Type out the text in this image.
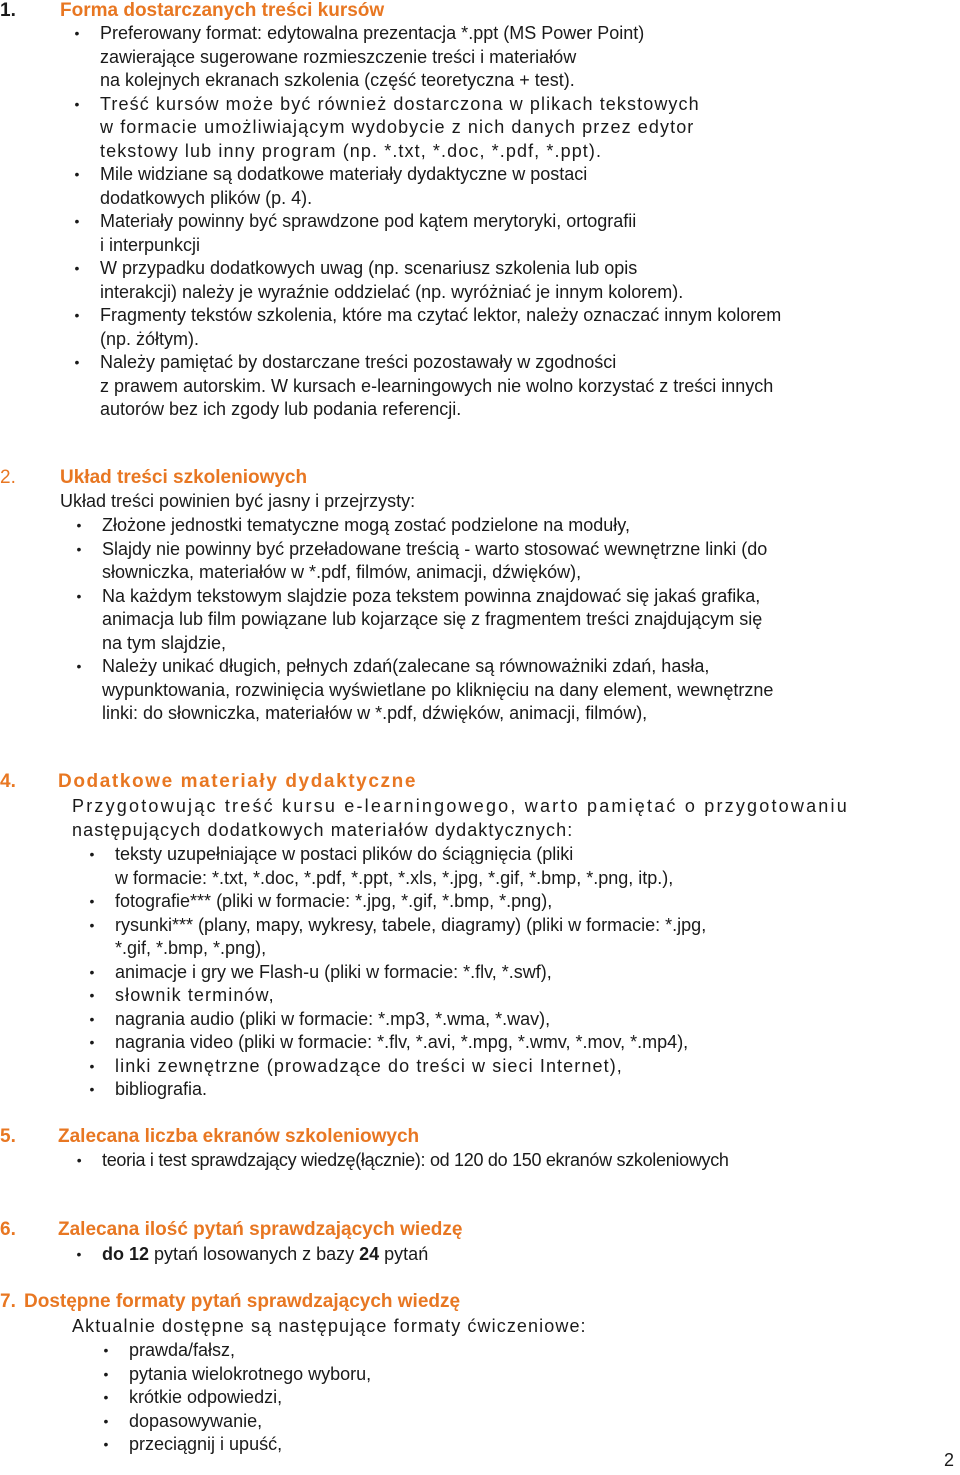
1. Forma dostarczanych treści kursów
• Preferowany format: edytowalna prezentacja *.ppt (MS Power Point)
zawierające sugerowane rozmieszczenie treści i materiałów
na kolejnych ekranach szkolenia (część teoretyczna + test).
• Treść kursów może być również dostarczona w plikach tekstowych
w formacie umożliwiającym wydobycie z nich danych przez edytor
tekstowy lub inny program (np. *.txt, *.doc, *.pdf, *.ppt).
• Mile widziane są dodatkowe materiały dydaktyczne w postaci
dodatkowych plików (p. 4).
• Materiały powinny być sprawdzone pod kątem merytoryki, ortografii
i interpunkcji
• W przypadku dodatkowych uwag (np. scenariusz szkolenia lub opis
interakcji) należy je wyraźnie oddzielać (np. wyróżniać je innym kolorem).
• Fragmenty tekstów szkolenia, które ma czytać lektor, należy oznaczać innym kolorem
(np. żółtym).
• Należy pamiętać by dostarczane treści pozostawały w zgodności
z prawem autorskim. W kursach e-learningowych nie wolno korzystać z treści innych
autorów bez ich zgody lub podania referencji.
2. Układ treści szkoleniowych
Układ treści powinien być jasny i przejrzysty:
• Złożone jednostki tematyczne mogą zostać podzielone na moduły,
• Slajdy nie powinny być przeładowane treścią - warto stosować wewnętrzne linki (do
słowniczka, materiałów w *.pdf, filmów, animacji, dźwięków),
• Na każdym tekstowym slajdzie poza tekstem powinna znajdować się jakaś grafika,
animacja lub film powiązane lub kojarzące się z fragmentem treści znajdującym się
na tym slajdzie,
• Należy unikać długich, pełnych zdań(zalecane są równoważniki zdań, hasła,
wypunktowania, rozwinięcia wyświetlane po kliknięciu na dany element, wewnętrzne
linki: do słowniczka, materiałów w *.pdf, dźwięków, animacji, filmów),
4. Dodatkowe materiały dydaktyczne
Przygotowując treść kursu e-learningowego, warto pamiętać o przygotowaniu
następujących dodatkowych materiałów dydaktycznych:
• teksty uzupełniające w postaci plików do ściągnięcia (pliki
w formacie: *.txt, *.doc, *.pdf, *.ppt, *.xls, *.jpg, *.gif, *.bmp, *.png, itp.),
• fotografie*** (pliki w formacie: *.jpg, *.gif, *.bmp, *.png),
• rysunki*** (plany, mapy, wykresy, tabele, diagramy) (pliki w formacie: *.jpg,
*.gif, *.bmp, *.png),
• animacje i gry we Flash-u (pliki w formacie: *.flv, *.swf),
• słownik terminów,
• nagrania audio (pliki w formacie: *.mp3, *.wma, *.wav),
• nagrania video (pliki w formacie: *.flv, *.avi, *.mpg, *.wmv, *.mov, *.mp4),
• linki zewnętrzne (prowadzące do treści w sieci Internet),
• bibliografia.
5. Zalecana liczba ekranów szkoleniowych
• teoria i test sprawdzający wiedzę(łącznie): od 120 do 150 ekranów szkoleniowych
6. Zalecana ilość pytań sprawdzających wiedzę
• do 12 pytań losowanych z bazy 24 pytań
7. Dostępne formaty pytań sprawdzających wiedzę
Aktualnie dostępne są następujące formaty ćwiczeniowe:
• prawda/fałsz,
• pytania wielokrotnego wyboru,
• krótkie odpowiedzi,
• dopasowywanie,
• przeciągnij i upuść,
2
